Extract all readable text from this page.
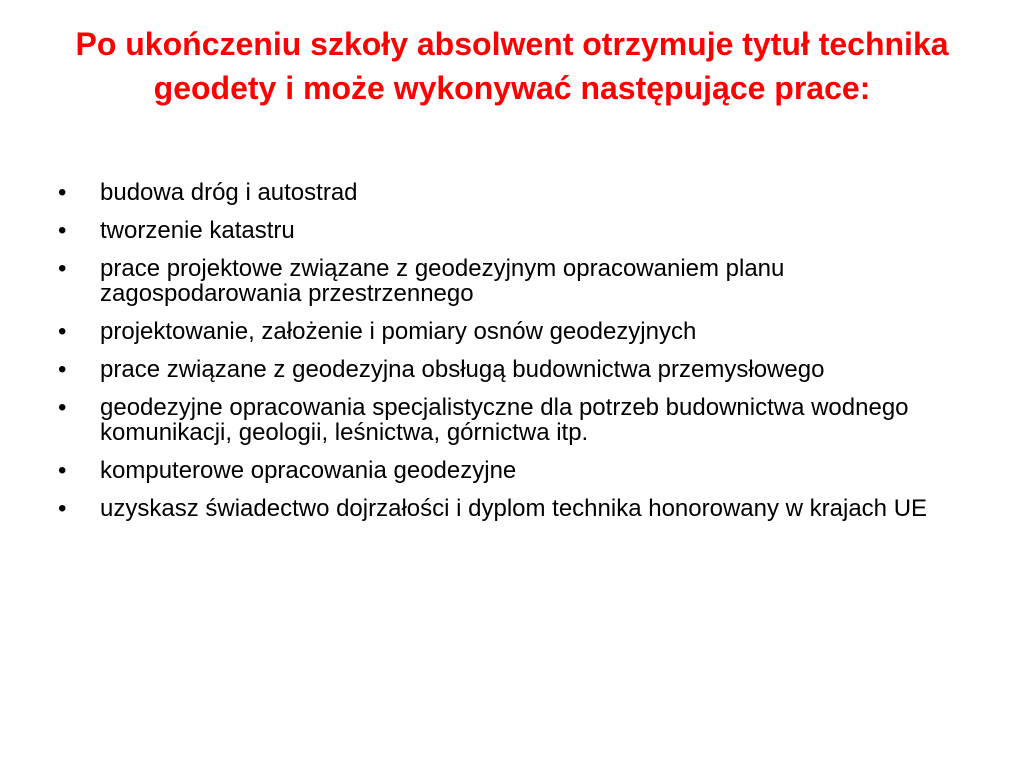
Po ukończeniu szkoły absolwent otrzymuje tytuł technika geodety i może wykonywać następujące prace:
•	budowa dróg i autostrad
•	tworzenie katastru
•	prace projektowe związane z geodezyjnym opracowaniem planu zagospodarowania przestrzennego
•	projektowanie, założenie i pomiary osnów geodezyjnych
•	prace związane z geodezyjna obsługą budownictwa przemysłowego
•	geodezyjne opracowania specjalistyczne dla potrzeb budownictwa wodnego komunikacji, geologii, leśnictwa, górnictwa itp.
•	komputerowe opracowania geodezyjne
•	uzyskasz świadectwo dojrzałości i dyplom technika honorowany w krajach UE
